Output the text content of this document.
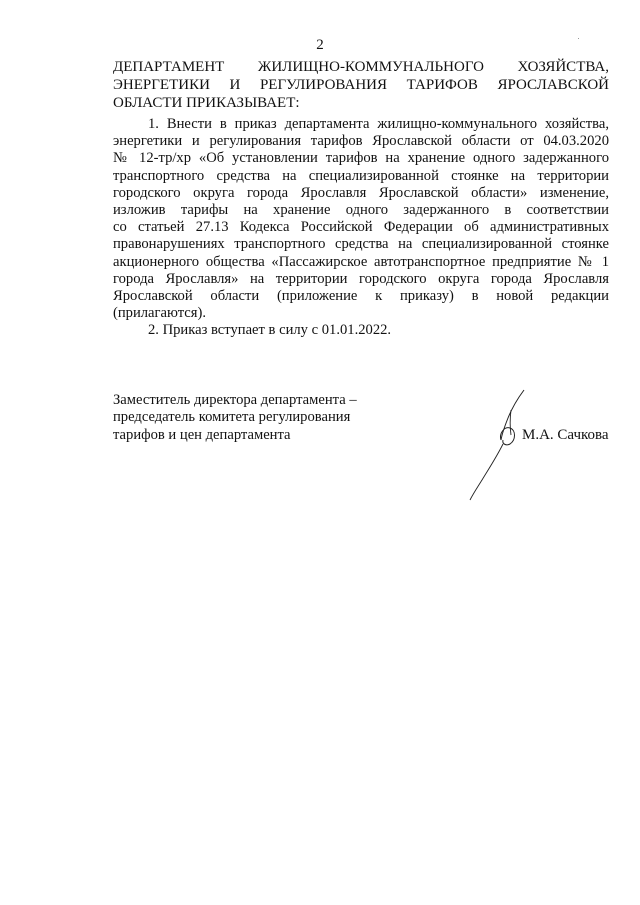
2
ДЕПАРТАМЕНТ ЖИЛИЩНО-КОММУНАЛЬНОГО ХОЗЯЙСТВА,
ЭНЕРГЕТИКИ И РЕГУЛИРОВАНИЯ ТАРИФОВ ЯРОСЛАВСКОЙ
ОБЛАСТИ ПРИКАЗЫВАЕТ:
1. Внести в приказ департамента жилищно-коммунального хозяйства,
энергетики и регулирования тарифов Ярославской области от 04.03.2020
№ 12-тр/хр «Об установлении тарифов на хранение одного задержанного
транспортного средства на специализированной стоянке на территории
городского округа города Ярославля Ярославской области» изменение,
изложив тарифы на хранение одного задержанного в соответствии
со статьей 27.13 Кодекса Российской Федерации об административных
правонарушениях транспортного средства на специализированной стоянке
акционерного общества «Пассажирское автотранспортное предприятие № 1
города Ярославля» на территории городского округа города Ярославля
Ярославской области (приложение к приказу) в новой редакции
(прилагаются).
2. Приказ вступает в силу с 01.01.2022.
Заместитель директора департамента –
председатель комитета регулирования
тарифов и цен департамента	М.А. Сачкова
